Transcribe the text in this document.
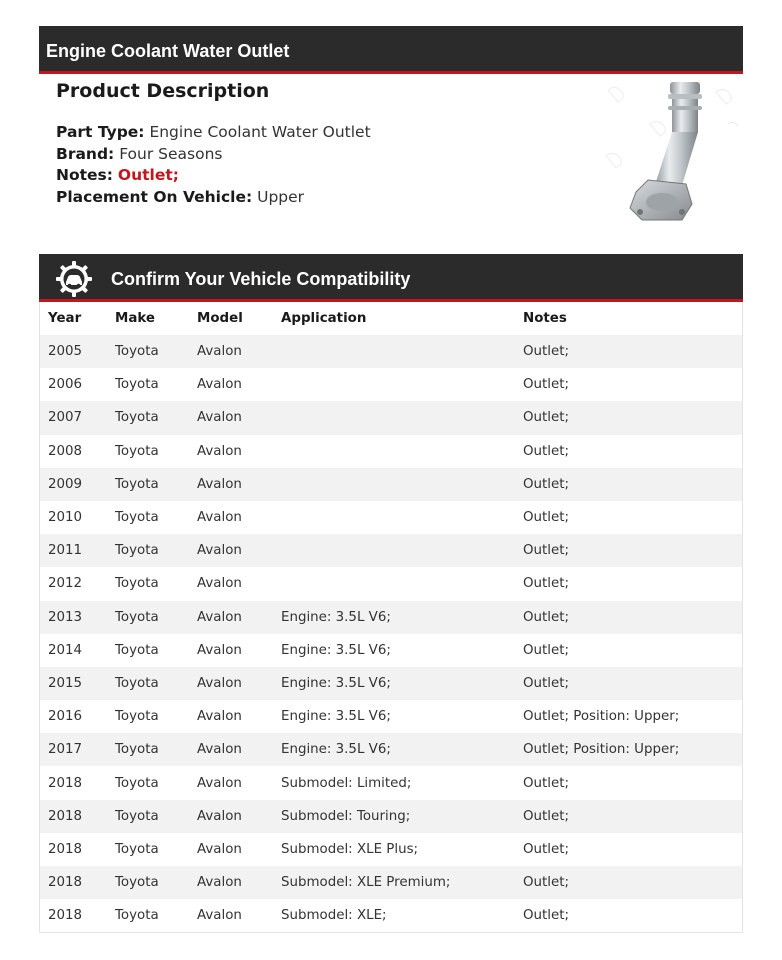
Engine Coolant Water Outlet
Product Description
Part Type: Engine Coolant Water Outlet
Brand: Four Seasons
Notes: Outlet;
Placement On Vehicle: Upper
Confirm Your Vehicle Compatibility
Year	Make	Model	Application	Notes
2005	Toyota	Avalon		Outlet;
2006	Toyota	Avalon		Outlet;
2007	Toyota	Avalon		Outlet;
2008	Toyota	Avalon		Outlet;
2009	Toyota	Avalon		Outlet;
2010	Toyota	Avalon		Outlet;
2011	Toyota	Avalon		Outlet;
2012	Toyota	Avalon		Outlet;
2013	Toyota	Avalon	Engine: 3.5L V6;	Outlet;
2014	Toyota	Avalon	Engine: 3.5L V6;	Outlet;
2015	Toyota	Avalon	Engine: 3.5L V6;	Outlet;
2016	Toyota	Avalon	Engine: 3.5L V6;	Outlet; Position: Upper;
2017	Toyota	Avalon	Engine: 3.5L V6;	Outlet; Position: Upper;
2018	Toyota	Avalon	Submodel: Limited;	Outlet;
2018	Toyota	Avalon	Submodel: Touring;	Outlet;
2018	Toyota	Avalon	Submodel: XLE Plus;	Outlet;
2018	Toyota	Avalon	Submodel: XLE Premium;	Outlet;
2018	Toyota	Avalon	Submodel: XLE;	Outlet;
